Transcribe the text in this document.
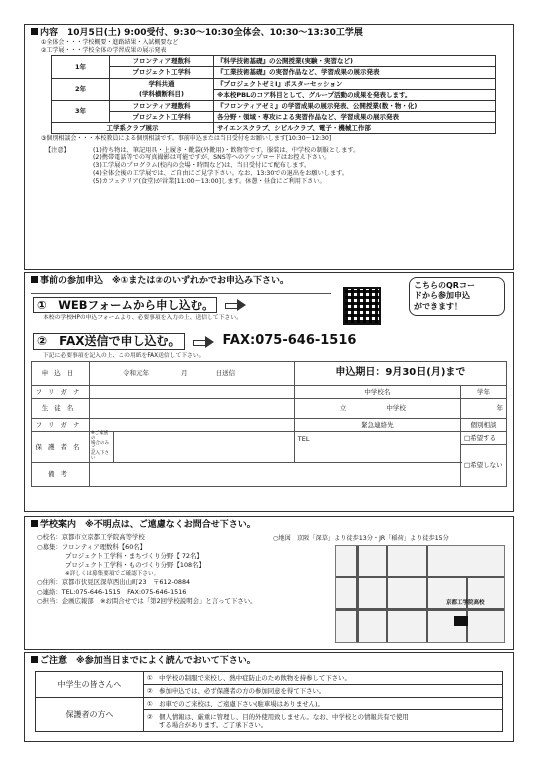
内容　10月5日(土) 9:00受付、9:30～10:30全体会、10:30～13:30工学展
①全体会・・・学校概要・進路結果・入試概要など
②工学展・・・学校全体の学習成果の展示発表
1年	フロンティア理数科	『科学技術基礎』の公開授業(実験・実習など)
	プロジェクト工学科	『工業技術基礎』の実習作品など、学習成果の展示発表
2年	学科共通	『プロジェクトゼミⅠ』ポスターセッション
	(学科横断科目)	※本校PBLのコア科目として、グループ活動の成果を発表します。
3年	フロンティア理数科	『フロンティアゼミ』の学習成果の展示発表、公開授業(数・物・化)
	プロジェクト工学科	各分野・領域・専攻による実習作品など、学習成果の展示発表
工学系クラブ展示		サイエンスクラブ、シビルクラブ、電子・機械工作部
③個別相談会・・・本校教員による個別相談です。事前申込または当日受付をお願いします[10:30～12:30]
【注意】	(1)持ち物は、筆記用具・上履き・靴袋(外靴用)・飲物等です。服装は、中学校の制服とします。
(2)携帯電話等での写真撮影は可能ですが、SNS等へのアップロードはお控え下さい。
(3)工学展のプログラム(校内の会場・時間など)は、当日受付にて配布します。
(4)全体会後の工学展では、ご自由にご見学下さい。なお、13:30での退出をお願いします。
(5)カフェテリア(食堂)が営業[11:00～13:00]します。休憩・昼食にご利用下さい。
事前の参加申込　※①または②のいずれかでお申込み下さい。
①　WEBフォームから申し込む。
本校の学校HPの申込フォームより、必要事項を入力の上、送信して下さい。
こちらのQRコー
ドから参加申込
ができます！
②　FAX送信で申し込む。	FAX:075-646-1516
下記に必要事項を記入の上、この用紙をFAX送信して下さい。
申込日	令和元年 月 日送信		申込期日：9月30日(月)まで	
フリガナ			中学校名	学年
生徒名			立 中学校	年
フリガナ			緊急連絡先	個別相談
保護者名	※ご家族の
場合のみご
記入下さい		TEL	□希望する
				□希望しない
備考				
学校案内　※不明点は、ご遠慮なくお問合せ下さい。
○校名：京都市立京都工学院高等学校
○募集：フロンティア理数科【60名】
プロジェクト工学科・まちづくり分野【 72名】
プロジェクト工学科・ものづくり分野【108名】
※詳しくは募集要項でご確認下さい。
○住所：京都市伏見区深草西出山町23　〒612-0884
○連絡：TEL:075-646-1515　FAX:075-646-1516
○担当：企画広報部　※お問合せでは「第2回学校説明会」と言って下さい。
○地図　京阪「深草」より徒歩13分・JR「稲荷」より徒歩15分
京都工学院高校
ご注意　※参加当日までによく読んでおいて下さい。
中学生の皆さんへ	①　中学校の制服で来校し、熱中症防止のため飲物を持参して下さい。
	②　参加申込では、必ず保護者の方の参加同意を得て下さい。
保護者の方へ	①　お車でのご来校は、ご遠慮下さい(駐車場はありません)。

	②　個人情報は、厳重に管理し、目的外使用致しません。なお、中学校との情報共有で使用
する場合があります。ご了承下さい。
